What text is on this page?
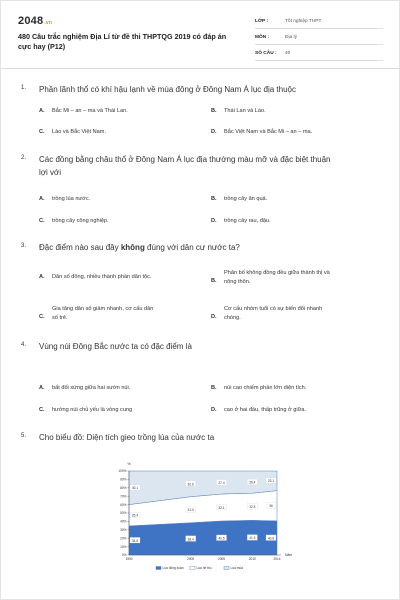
2048.vn
480 Câu trắc nghiệm Địa Lí từ đề thi THPTQG 2019 có đáp án cực hay (P12)
LỚP :	Tốt nghiệp THPT
MÔN :	Địa lý
SỐ CÂU :	40
1. Phần lãnh thổ có khí hậu lạnh về mùa đông ở Đông Nam Á lục địa thuộc
A. Bắc Mi – an – ma và Thái Lan.	B. Thái Lan và Lào.
C. Lào và Bắc Việt Nam.	D. Bắc Việt Nam và Bắc Mi – an – ma.
2. Các đồng bằng châu thổ ở Đông Nam Á lục địa thường màu mỡ và đặc biệt thuận
lợi với
A. trồng lúa nước.	B. trồng cây ăn quả.
C. trồng cây công nghiệp.	D. trồng cây rau, đậu.
3. Đặc điểm nào sau đây không đúng với dân cư nước ta?
A. Dân số đông, nhiều thành phần dân tộc.
B.
Phân bố không đồng đều giữa thành thị và
nông thôn.
C.
Gia tăng dân số giảm nhanh, cơ cấu dân
số trẻ.	D.
Cơ cấu nhóm tuổi có sự biến đổi nhanh
chóng.
4. Vùng núi Đông Bắc nước ta có đặc điểm là
A. bất đối xứng giữa hai sườn núi.	B. núi cao chiếm phần lớn diện tích.
C. hướng núi chủ yếu là vòng cung	D. cao ở hai đầu, thấp trũng ở giữa.
5. Cho biểu đồ: Diện tích gieo trồng lúa của nước ta
34.6	38.4	40.5	41.3	40.6
25.4
31.0
32.1	32.5	36
40.1
30.6	27.4	26.4	23.1
0%
10%
20%
30%
40%
50%
60%
70%
80%
90%
100%
%
1990	2000	2005	2010	2014
Năm
Lúa đông xuân	Lúa hè thu	Lúa mùa
